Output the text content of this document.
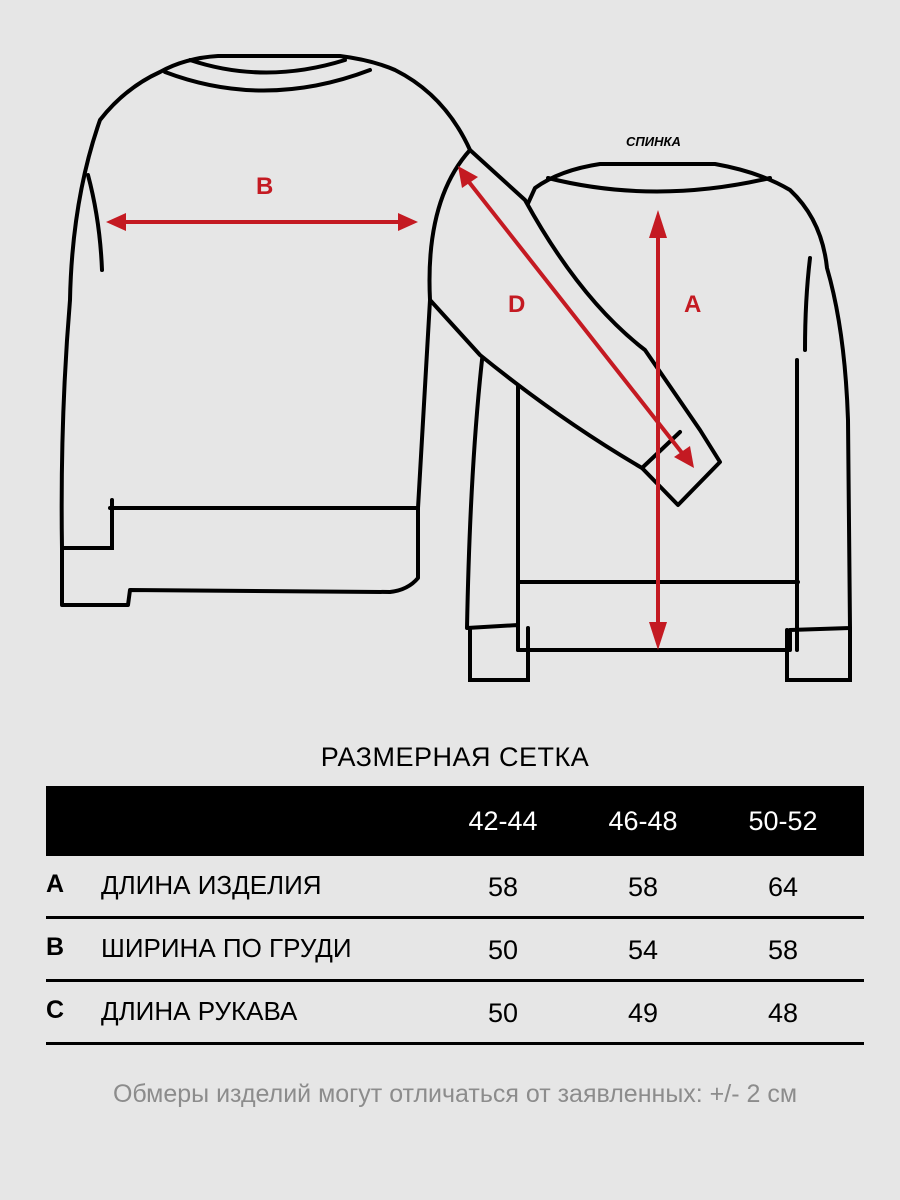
B
D	A
СПИНКА
РАЗМЕРНАЯ СЕТКА
42-44	46-48	50-52
A ДЛИНА ИЗДЕЛИЯ	58	58	64
B ШИРИНА ПО ГРУДИ	50	54	58
C ДЛИНА РУКАВА	50	49	48
Обмеры изделий могут отличаться от заявленных: +/- 2 см
